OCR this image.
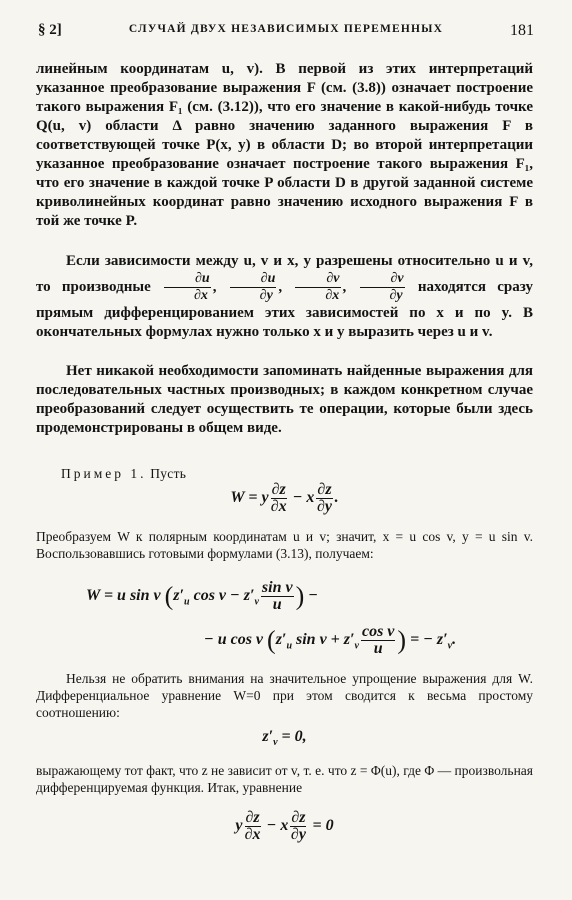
§ 2]	СЛУЧАЙ ДВУХ НЕЗАВИСИМЫХ ПЕРЕМЕННЫХ	181
линейным координатам u, v). В первой из этих интерпретаций указанное преобразование выражения F (см. (3.8)) означает построение такого выражения F₁ (см. (3.12)), что его значение в какой-нибудь точке Q(u, v) области Δ равно значению заданного выражения F в соответствующей точке P(x, y) в области D; во второй интерпретации указанное преобразование означает построение такого выражения F₁, что его значение в каждой точке P области D в другой заданной системе криволинейных координат равно значению исходного выражения F в той же точке P.
Если зависимости между u, v и x, y разрешены относительно u и v, то производные $\frac{\partial u}{\partial x}$ , $\frac{\partial u}{\partial y}$ , $\frac{\partial v}{\partial x}$ , $\frac{\partial v}{\partial y}$ находятся сразу прямым дифференцированием этих зависимостей по x и по y. В окончательных формулах нужно только x и y выразить через u и v.
Нет никакой необходимости запоминать найденные выражения для последовательных частных производных; в каждом конкретном случае преобразований следует осуществить те операции, которые были здесь продемонстрированы в общем виде.
Пример 1. Пусть
W = y $\frac{\partial z}{\partial x} - x \frac{\partial z}{\partial y}$ .
Преобразуем W к полярным координатам u и v; значит, x = u cos v, y = u sin v. Воспользовавшись готовыми формулами (3.13), получаем:
W = u sin v ($z'_u$ $\cos v - z'_v \frac{\text{sin v}}{u}$ ) −
− u cos v ($z'_u$ $\sin v + z'_v \frac{\text{cos v}}{u}$ ) = − $z'_v$.
Нельзя не обратить внимания на значительное упрощение выражения для W. Дифференциальное уравнение W=0 при этом сводится к весьма простому соотношению:
$z'_v = 0$,
выражающему тот факт, что z не зависит от v, т. е. что z = Φ(u), где Φ — произвольная дифференцируемая функция. Итак, уравнение
y $\frac{\partial z}{\partial x} - x \frac{\partial z}{\partial y} = 0$
